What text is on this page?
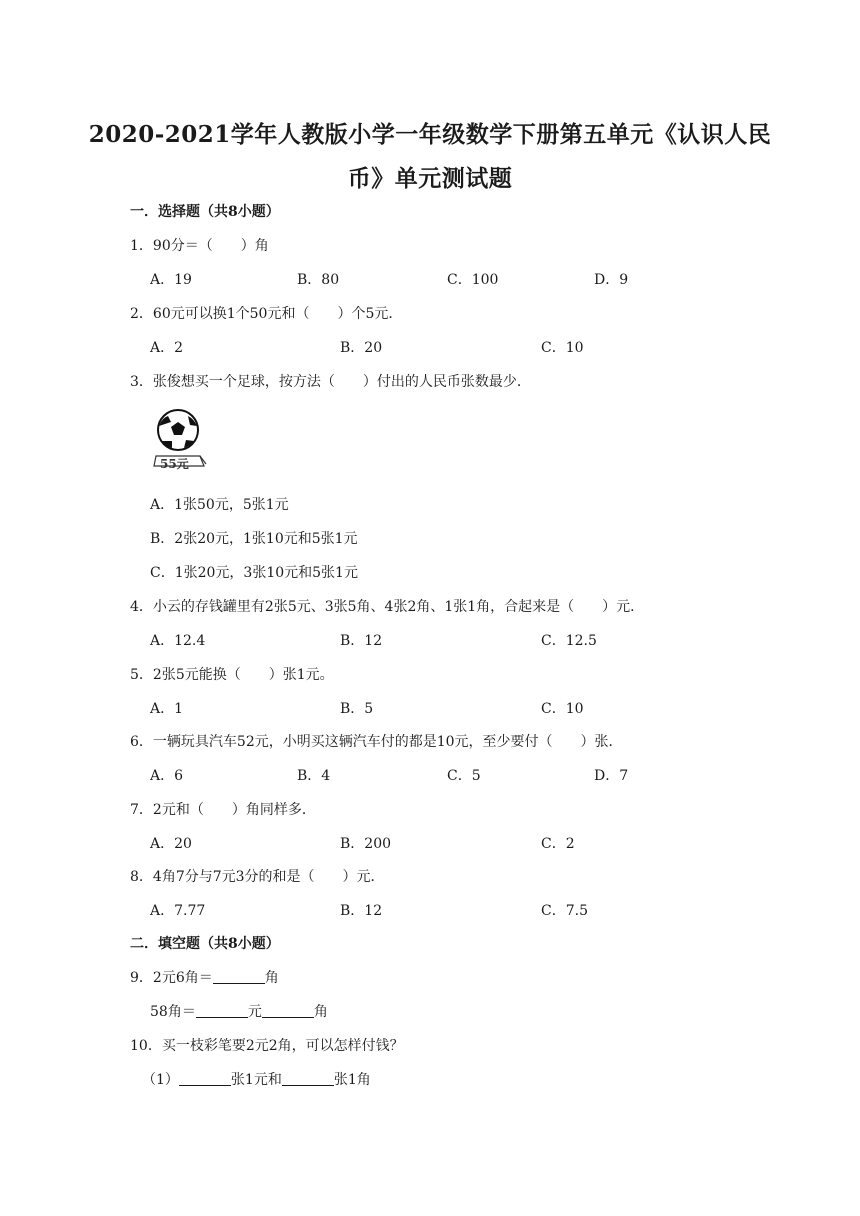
2020-2021学年人教版小学一年级数学下册第五单元《认识人民
币》单元测试题
一．选择题（共8小题）
1．90分＝（　　）角
A．19	B．80	C．100	D．9
2．60元可以换1个50元和（　　）个5元．
A．2	B．20	C．10
3．张俊想买一个足球，按方法（　　）付出的人民币张数最少．
55元
A．1张50元，5张1元
B．2张20元，1张10元和5张1元
C．1张20元，3张10元和5张1元
4．小云的存钱罐里有2张5元、3张5角、4张2角、1张1角，合起来是（　　）元．
A．12.4	B．12	C．12.5
5．2张5元能换（　　）张1元。
A．1	B．5	C．10
6．一辆玩具汽车52元，小明买这辆汽车付的都是10元，至少要付（　　）张．
A．6	B．4	C．5	D．7
7．2元和（　　）角同样多．
A．20	B．200	C．2
8．4角7分与7元3分的和是（　　）元．
A．7.77	B．12	C．7.5
二．填空题（共8小题）
9．2元6角＝	角
58角＝	元	角
10．买一枝彩笔要2元2角，可以怎样付钱？
（1）	张1元和	张1角
